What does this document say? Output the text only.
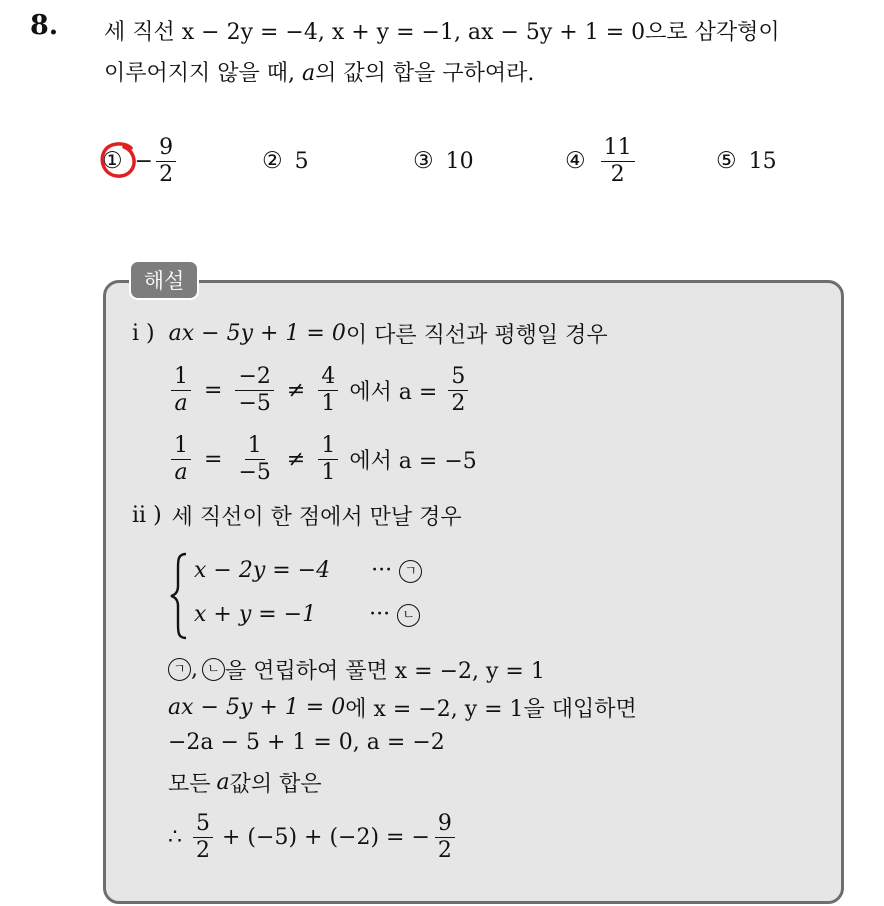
8. 세 직선 x − 2y = −4, x + y = −1, ax − 5y + 1 = 0으로 삼각형이
이루어지지 않을 때, a의 값의 합을 구하여라.
① − $\frac{9}{2}$	② 5	③ 10	④ $\frac{11}{2}$	⑤ 15
해설
i ) ax − 5y + 1 = 0 이 다른 직선과 평행일 경우
$\frac{1}{a} = \frac{-2}{-5} \ne \frac{4}{1}$ 에서 $a = \frac{5}{2}$
$\frac{1}{a} = \frac{1}{-5} \ne \frac{1}{1}$ 에서 a = −5
ii ) 세 직선이 한 점에서 만날 경우
x − 2y = −4 ··· ㄱ
x + y = −1 ··· ㄴ
ㄱ , ㄴ 을 연립하여 풀면 x = −2, y = 1
ax − 5y + 1 = 0 에 x = −2, y = 1을 대입하면
−2a − 5 + 1 = 0, a = −2
모든 a 값의 합은
∴ $\frac{5}{2} + (-5) + (-2)$ = − $\frac{9}{2}$
